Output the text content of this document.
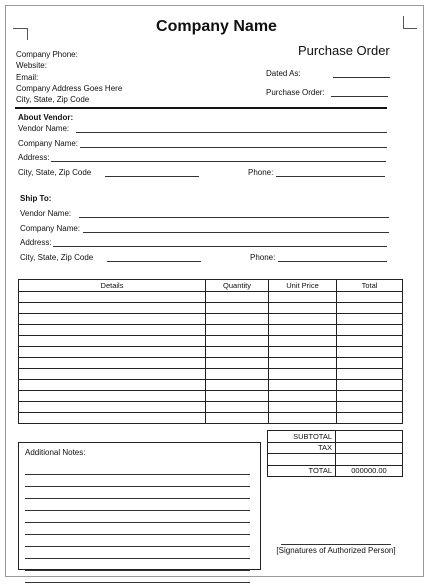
Company Name
Company Phone:
Website:
Email:
Company Address Goes Here
City, State, Zip Code
Purchase Order
Dated As:
Purchase Order:
About Vendor:
Vendor Name:
Company Name:
Address:
City, State, Zip Code	Phone:
Ship To:
Vendor Name:
Company Name:
Address:
City, State, Zip Code	Phone:
Details	Quantity	Unit Price	Total

Additional Notes:
SUBTOTAL	
TAX	

TOTAL	000000.00
[Signatures of Authorized Person]
